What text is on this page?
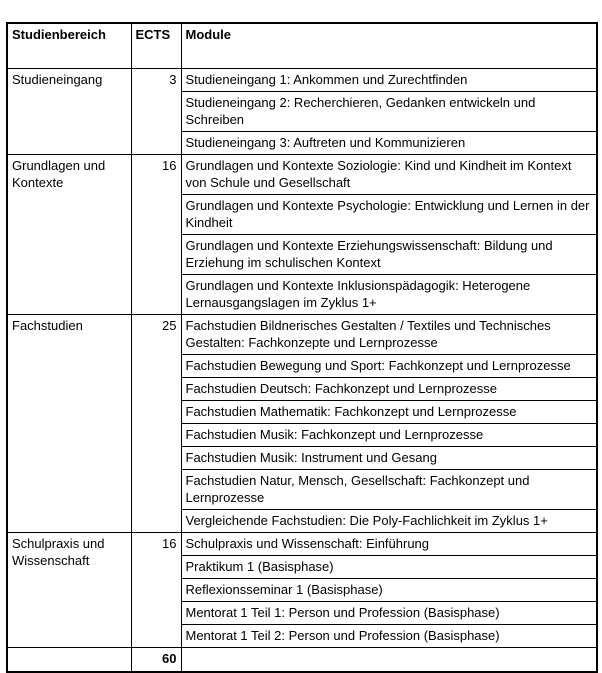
Studienbereich	ECTS	Module
Studieneingang	3	Studieneingang 1: Ankommen und Zurechtfinden
		Studieneingang 2: Recherchieren, Gedanken entwickeln und Schreiben
		Studieneingang 3: Auftreten und Kommunizieren
Grundlagen und Kontexte	16	Grundlagen und Kontexte Soziologie: Kind und Kindheit im Kontext von Schule und Gesellschaft
		Grundlagen und Kontexte Psychologie: Entwicklung und Lernen in der Kindheit
		Grundlagen und Kontexte Erziehungswissenschaft: Bildung und Erziehung im schulischen Kontext
		Grundlagen und Kontexte Inklusionspädagogik: Heterogene Lernausgangslagen im Zyklus 1+
Fachstudien	25	Fachstudien Bildnerisches Gestalten / Textiles und Technisches Gestalten: Fachkonzepte und Lernprozesse
		Fachstudien Bewegung und Sport: Fachkonzept und Lernprozesse
		Fachstudien Deutsch: Fachkonzept und Lernprozesse
		Fachstudien Mathematik: Fachkonzept und Lernprozesse
		Fachstudien Musik: Fachkonzept und Lernprozesse
		Fachstudien Musik: Instrument und Gesang
		Fachstudien Natur, Mensch, Gesellschaft: Fachkonzept und Lernprozesse
		Vergleichende Fachstudien: Die Poly-Fachlichkeit im Zyklus 1+
Schulpraxis und Wissenschaft	16	Schulpraxis und Wissenschaft: Einführung
		Praktikum 1 (Basisphase)
		Reflexionsseminar 1 (Basisphase)
		Mentorat 1 Teil 1: Person und Profession (Basisphase)
		Mentorat 1 Teil 2: Person und Profession (Basisphase)
	60	
